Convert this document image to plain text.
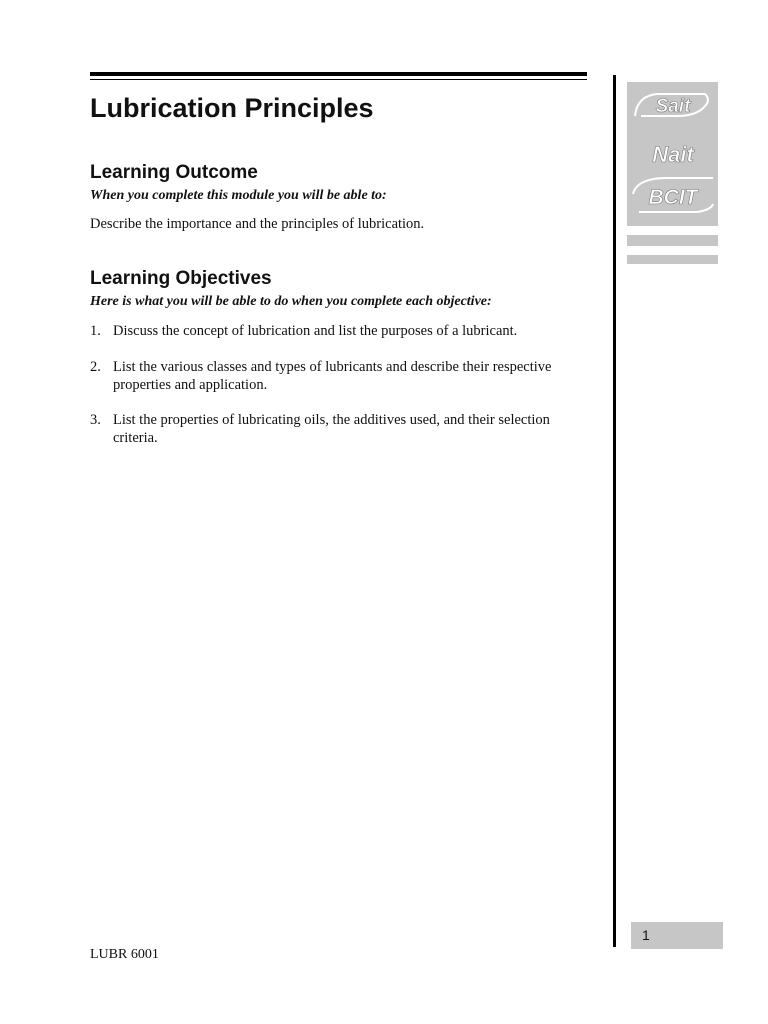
Sait
Nait
BCIT
Lubrication Principles
Learning Outcome

When you complete this module you will be able to:

Describe the importance and the principles of lubrication.

Learning Objectives

Here is what you will be able to do when you complete each objective:

1. Discuss the concept of lubrication and list the purposes of a lubricant.
2. List the various classes and types of lubricants and describe their respective properties and application.
3. List the properties of lubricating oils, the additives used, and their selection criteria.
1

LUBR 6001
